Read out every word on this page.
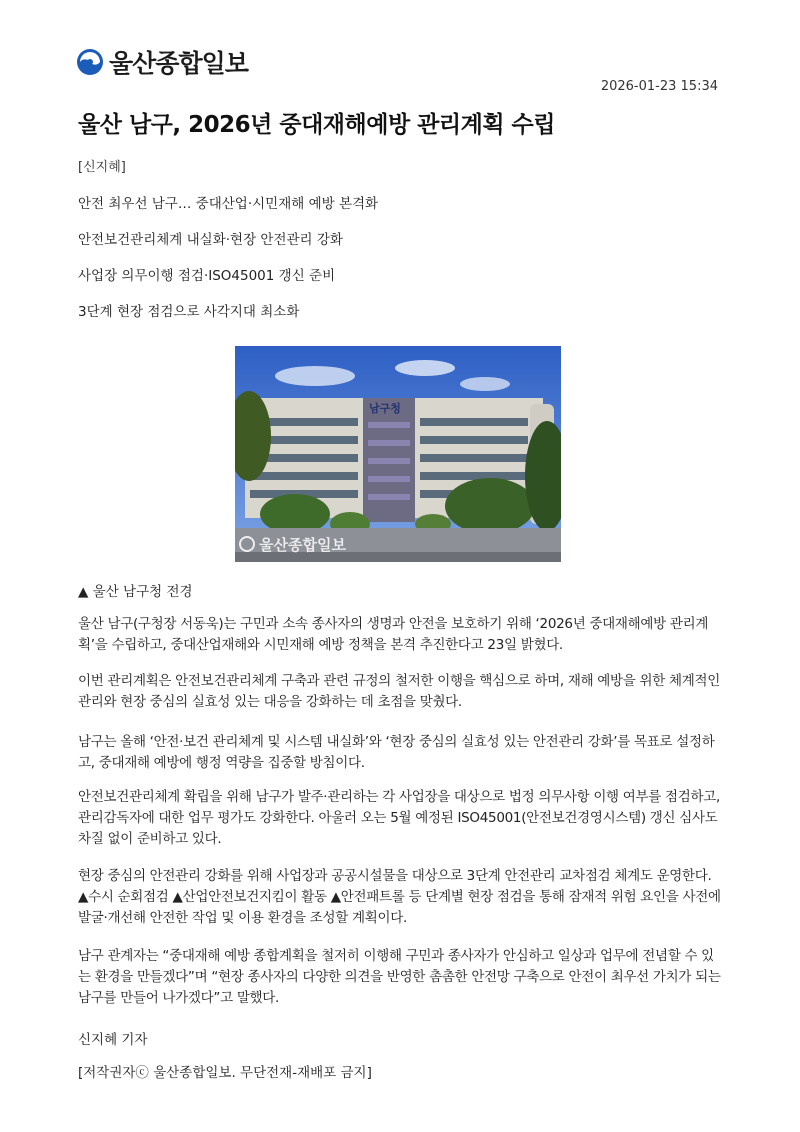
울산종합일보
2026-01-23 15:34
울산 남구, 2026년 중대재해예방 관리계획 수립
[신지혜]
안전 최우선 남구… 중대산업·시민재해 예방 본격화
안전보건관리체계 내실화·현장 안전관리 강화
사업장 의무이행 점검·ISO45001 갱신 준비
3단계 현장 점검으로 사각지대 최소화
남구청
울산종합일보
▲ 울산 남구청 전경

울산 남구(구청장 서동욱)는 구민과 소속 종사자의 생명과 안전을 보호하기 위해 ‘2026년 중대재해예방 관리계획’을 수립하고, 중대산업재해와 시민재해 예방 정책을 본격 추진한다고 23일 밝혔다.

이번 관리계획은 안전보건관리체계 구축과 관련 규정의 철저한 이행을 핵심으로 하며, 재해 예방을 위한 체계적인 관리와 현장 중심의 실효성 있는 대응을 강화하는 데 초점을 맞췄다.

남구는 올해 ‘안전·보건 관리체계 및 시스템 내실화’와 ‘현장 중심의 실효성 있는 안전관리 강화’를 목표로 설정하고, 중대재해 예방에 행정 역량을 집중할 방침이다.

안전보건관리체계 확립을 위해 남구가 발주·관리하는 각 사업장을 대상으로 법정 의무사항 이행 여부를 점검하고, 관리감독자에 대한 업무 평가도 강화한다. 아울러 오는 5월 예정된 ISO45001(안전보건경영시스템) 갱신 심사도 차질 없이 준비하고 있다.

현장 중심의 안전관리 강화를 위해 사업장과 공공시설물을 대상으로 3단계 안전관리 교차점검 체계도 운영한다. ▲수시 순회점검 ▲산업안전보건지킴이 활동 ▲안전패트롤 등 단계별 현장 점검을 통해 잠재적 위험 요인을 사전에 발굴·개선해 안전한 작업 및 이용 환경을 조성할 계획이다.

남구 관계자는 “중대재해 예방 종합계획을 철저히 이행해 구민과 종사자가 안심하고 일상과 업무에 전념할 수 있는 환경을 만들겠다”며 “현장 종사자의 다양한 의견을 반영한 촘촘한 안전망 구축으로 안전이 최우선 가치가 되는 남구를 만들어 나가겠다”고 말했다.

신지혜 기자
[저작권자ⓒ 울산종합일보. 무단전재-재배포 금지]
